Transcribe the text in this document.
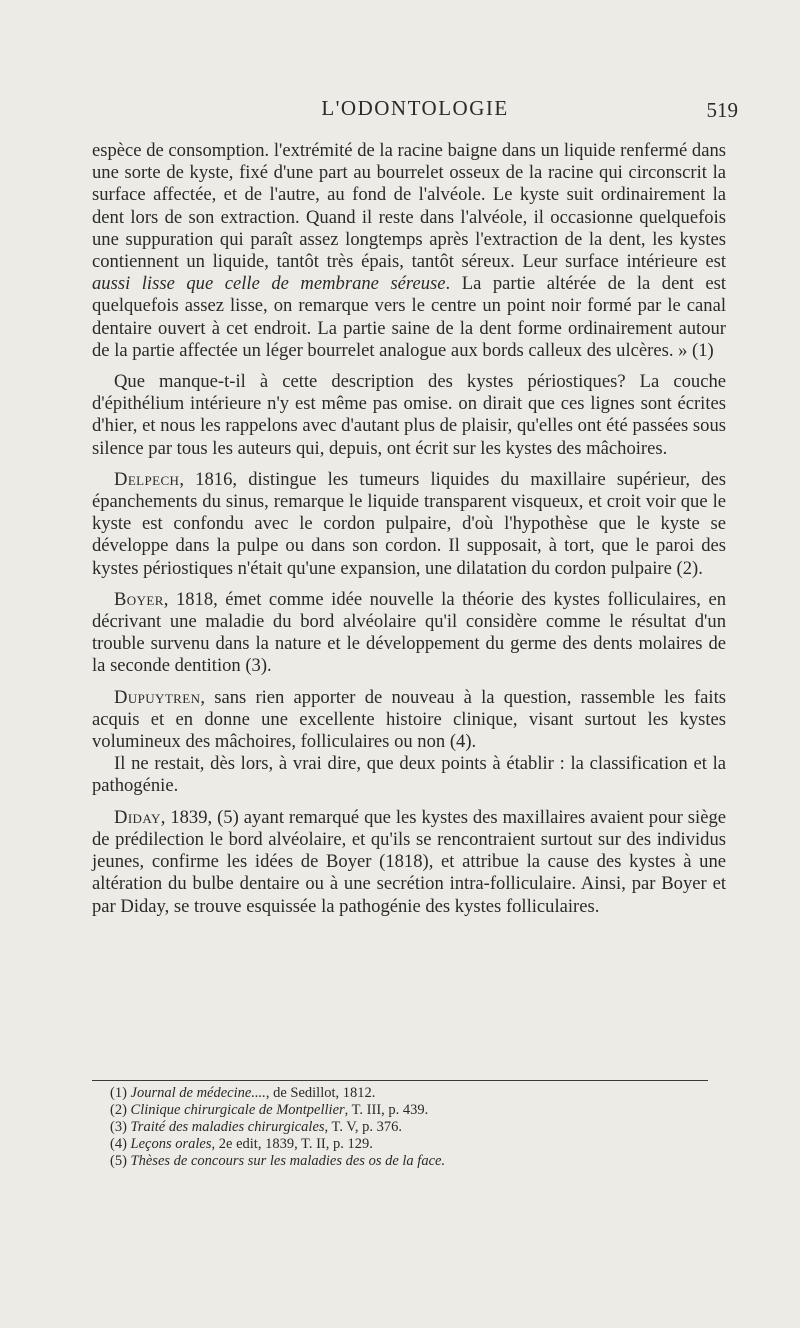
L'ODONTOLOGIE	519

espèce de consomption. l'extrémité de la racine baigne dans un liquide renfermé dans une sorte de kyste, fixé d'une part au bourrelet osseux de la racine qui circonscrit la surface affectée, et de l'autre, au fond de l'alvéole. Le kyste suit ordinairement la dent lors de son extraction. Quand il reste dans l'alvéole, il occasionne quelquefois une suppuration qui paraît assez longtemps après l'extraction de la dent, les kystes contiennent un liquide, tantôt très épais, tantôt séreux. Leur surface intérieure est aussi lisse que celle de membrane séreuse. La partie altérée de la dent est quelquefois assez lisse, on remarque vers le centre un point noir formé par le canal dentaire ouvert à cet endroit. La partie saine de la dent forme ordinairement autour de la partie affectée un léger bourrelet analogue aux bords calleux des ulcères. » (1)

Que manque-t-il à cette description des kystes périostiques? La couche d'épithélium intérieure n'y est même pas omise. on dirait que ces lignes sont écrites d'hier, et nous les rappelons avec d'autant plus de plaisir, qu'elles ont été passées sous silence par tous les auteurs qui, depuis, ont écrit sur les kystes des mâchoires.

Delpech, 1816, distingue les tumeurs liquides du maxillaire supérieur, des épanchements du sinus, remarque le liquide transparent visqueux, et croit voir que le kyste est confondu avec le cordon pulpaire, d'où l'hypothèse que le kyste se développe dans la pulpe ou dans son cordon. Il supposait, à tort, que le paroi des kystes périostiques n'était qu'une expansion, une dilatation du cordon pulpaire (2).

Boyer, 1818, émet comme idée nouvelle la théorie des kystes folliculaires, en décrivant une maladie du bord alvéolaire qu'il considère comme le résultat d'un trouble survenu dans la nature et le développement du germe des dents molaires de la seconde dentition (3).

Dupuytren, sans rien apporter de nouveau à la question, rassemble les faits acquis et en donne une excellente histoire clinique, visant surtout les kystes volumineux des mâchoires, folliculaires ou non (4).

Il ne restait, dès lors, à vrai dire, que deux points à établir : la classification et la pathogénie.

Diday, 1839, (5) ayant remarqué que les kystes des maxillaires avaient pour siège de prédilection le bord alvéolaire, et qu'ils se rencontraient surtout sur des individus jeunes, confirme les idées de Boyer (1818), et attribue la cause des kystes à une altération du bulbe dentaire ou à une secrétion intra-folliculaire. Ainsi, par Boyer et par Diday, se trouve esquissée la pathogénie des kystes folliculaires.

(1) Journal de médecine...., de Sedillot, 1812.

(2) Clinique chirurgicale de Montpellier, T. III, p. 439.

(3) Traité des maladies chirurgicales, T. V, p. 376.

(4) Leçons orales, 2e edit, 1839, T. II, p. 129.

(5) Thèses de concours sur les maladies des os de la face.
